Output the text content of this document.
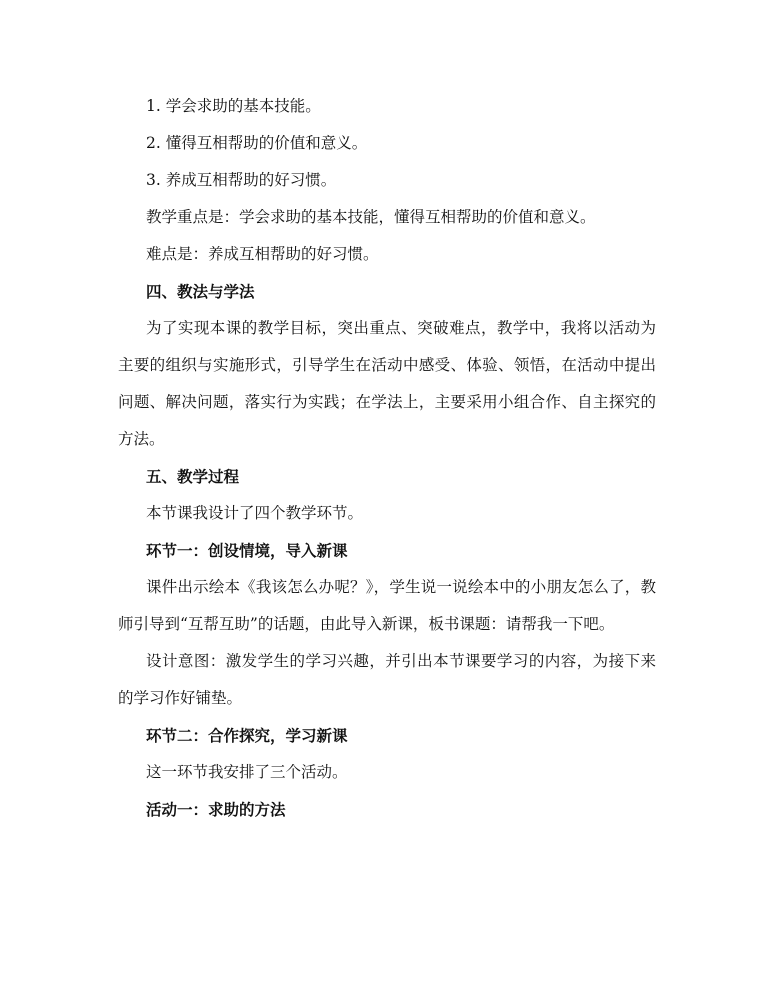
1. 学会求助的基本技能。

2. 懂得互相帮助的价值和意义。

3. 养成互相帮助的好习惯。

教学重点是：学会求助的基本技能，懂得互相帮助的价值和意义。

难点是：养成互相帮助的好习惯。

四、教法与学法

为了实现本课的教学目标，突出重点、突破难点，教学中，我将以活动为主要的组织与实施形式，引导学生在活动中感受、体验、领悟，在活动中提出问题、解决问题，落实行为实践；在学法上，主要采用小组合作、自主探究的方法。

五、教学过程

本节课我设计了四个教学环节。

环节一：创设情境，导入新课

课件出示绘本《我该怎么办呢？》，学生说一说绘本中的小朋友怎么了，教师引导到“互帮互助”的话题，由此导入新课，板书课题：请帮我一下吧。

设计意图：激发学生的学习兴趣，并引出本节课要学习的内容，为接下来的学习作好铺垫。

环节二：合作探究，学习新课

这一环节我安排了三个活动。

活动一：求助的方法
